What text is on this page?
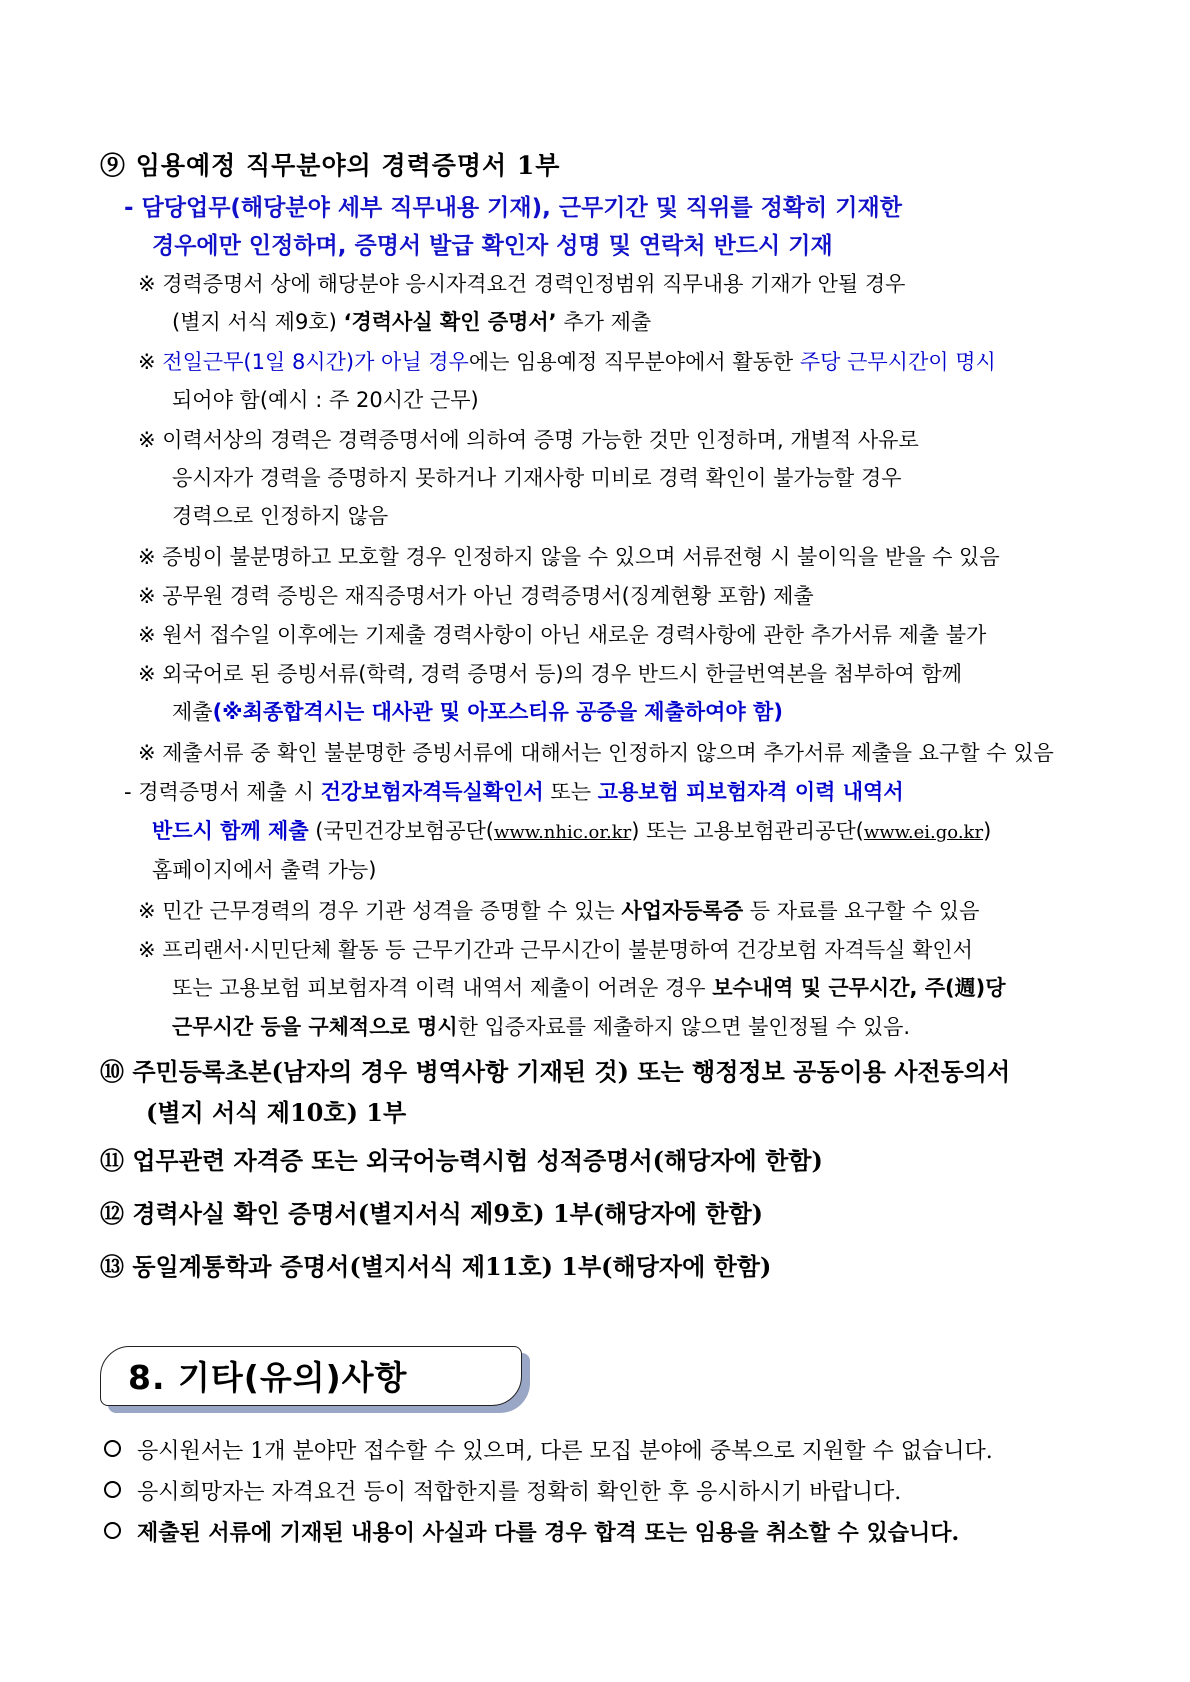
⑨ 임용예정 직무분야의 경력증명서 1부
- 담당업무(해당분야 세부 직무내용 기재), 근무기간 및 직위를 정확히 기재한
경우에만 인정하며, 증명서 발급 확인자 성명 및 연락처 반드시 기재
※ 경력증명서 상에 해당분야 응시자격요건 경력인정범위 직무내용 기재가 안될 경우
(별지 서식 제9호) ‘경력사실 확인 증명서’ 추가 제출
※ 전일근무(1일 8시간)가 아닐 경우에는 임용예정 직무분야에서 활동한 주당 근무시간이 명시
되어야 함(예시 : 주 20시간 근무)
※ 이력서상의 경력은 경력증명서에 의하여 증명 가능한 것만 인정하며, 개별적 사유로
응시자가 경력을 증명하지 못하거나 기재사항 미비로 경력 확인이 불가능할 경우
경력으로 인정하지 않음
※ 증빙이 불분명하고 모호할 경우 인정하지 않을 수 있으며 서류전형 시 불이익을 받을 수 있음
※ 공무원 경력 증빙은 재직증명서가 아닌 경력증명서(징계현황 포함) 제출
※ 원서 접수일 이후에는 기제출 경력사항이 아닌 새로운 경력사항에 관한 추가서류 제출 불가
※ 외국어로 된 증빙서류(학력, 경력 증명서 등)의 경우 반드시 한글번역본을 첨부하여 함께
제출(※최종합격시는 대사관 및 아포스티유 공증을 제출하여야 함)
※ 제출서류 중 확인 불분명한 증빙서류에 대해서는 인정하지 않으며 추가서류 제출을 요구할 수 있음
- 경력증명서 제출 시 건강보험자격득실확인서 또는 고용보험 피보험자격 이력 내역서
반드시 함께 제출 (국민건강보험공단(www.nhic.or.kr) 또는 고용보험관리공단(www.ei.go.kr)
홈페이지에서 출력 가능)
※ 민간 근무경력의 경우 기관 성격을 증명할 수 있는 사업자등록증 등 자료를 요구할 수 있음
※ 프리랜서·시민단체 활동 등 근무기간과 근무시간이 불분명하여 건강보험 자격득실 확인서
또는 고용보험 피보험자격 이력 내역서 제출이 어려운 경우 보수내역 및 근무시간, 주(週)당
근무시간 등을 구체적으로 명시한 입증자료를 제출하지 않으면 불인정될 수 있음.
⑩ 주민등록초본(남자의 경우 병역사항 기재된 것) 또는 행정정보 공동이용 사전동의서
(별지 서식 제10호) 1부
⑪ 업무관련 자격증 또는 외국어능력시험 성적증명서(해당자에 한함)
⑫ 경력사실 확인 증명서(별지서식 제9호) 1부(해당자에 한함)
⑬ 동일계통학과 증명서(별지서식 제11호) 1부(해당자에 한함)
8. 기타(유의)사항
응시원서는 1개 분야만 접수할 수 있으며, 다른 모집 분야에 중복으로 지원할 수 없습니다.
응시희망자는 자격요건 등이 적합한지를 정확히 확인한 후 응시하시기 바랍니다.
제출된 서류에 기재된 내용이 사실과 다를 경우 합격 또는 임용을 취소할 수 있습니다.
